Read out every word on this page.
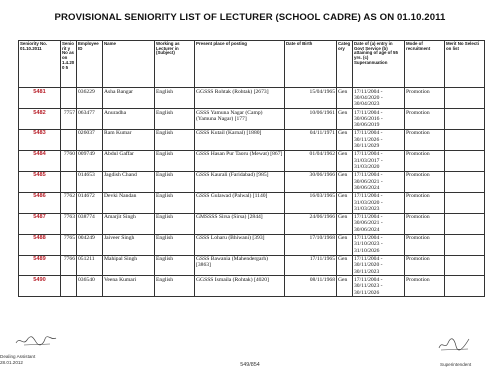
PROVISIONAL SENIORITY LIST OF LECTURER (SCHOOL CADRE) AS ON 01.10.2011
Seniority No. 01.10.2011	Seniorit y No as on 1.4.200 5	Employee ID	Name	Working as Lecturer in (Subject)	Present place of posting	Date of Birth	Category	Date of (a) entry in Govt Service (b) attaining of age of 55 yrs. (c) Superannuation	Mode of recruitment	Merit No Selecti on list
5481		036229	Asha Bangar	English	GGSSS Rohtak (Rohtak) [2673]	15/04/1965	Gen	17/11/2004 - 30/04/2020 - 30/04/2023	Promotion	
5482	7757	063477	Anuradha	English	GSSS Yamuna Nagar (Camp) (Yamuna Nagar) [177]	10/06/1961	Gen	17/11/2004 - 30/06/2016 - 30/06/2019	Promotion	
5483		026037	Ram Kumar	English	GSSS Kutail (Karnal) [1880]	04/11/1971	Gen	17/11/2004 - 30/11/2026 - 30/11/2029	Promotion	
5484	7760	009749	Abdul Gaffar	English	GSSS Hasan Pur Taoru (Mewat) [867]	01/04/1962	Gen	17/11/2004 - 31/03/2017 - 31/03/2020	Promotion	
5485		014653	Jagdish Chand	English	GSSS Kaurali (Faridabad) [985]	30/06/1966	Gen	17/11/2004 - 30/06/2021 - 30/06/2024	Promotion	
5486	7762	014672	Devki Nandan	English	GSSS Gulawad (Palwal) [1140]	16/03/1965	Gen	17/11/2004 - 31/03/2020 - 31/03/2023	Promotion	
5487	7763	038774	Amarjit Singh	English	GMSSSS Sirsa (Sirsa) [2844]	24/06/1966	Gen	17/11/2004 - 30/06/2021 - 30/06/2024	Promotion	
5488	7765	004249	Jaiveer Singh	English	GSSS Loharu (Bhiwani) [393]	17/10/1968	Gen	17/11/2004 - 31/10/2023 - 31/10/2026	Promotion	
5489	7766	051211	Mahipal Singh	English	GSSS Bawania (Mahendergarh) [3863]	17/11/1965	Gen	17/11/2004 - 30/11/2020 - 30/11/2023	Promotion	
5490		036540	Veena Kumari	English	GGSSS Ismaila (Rohtak) [4020]	08/11/1968	Gen	17/11/2004 - 30/11/2023 - 30/11/2026	Promotion	
Dealing Assistant
28.01.2012	549/854	Superintendent
